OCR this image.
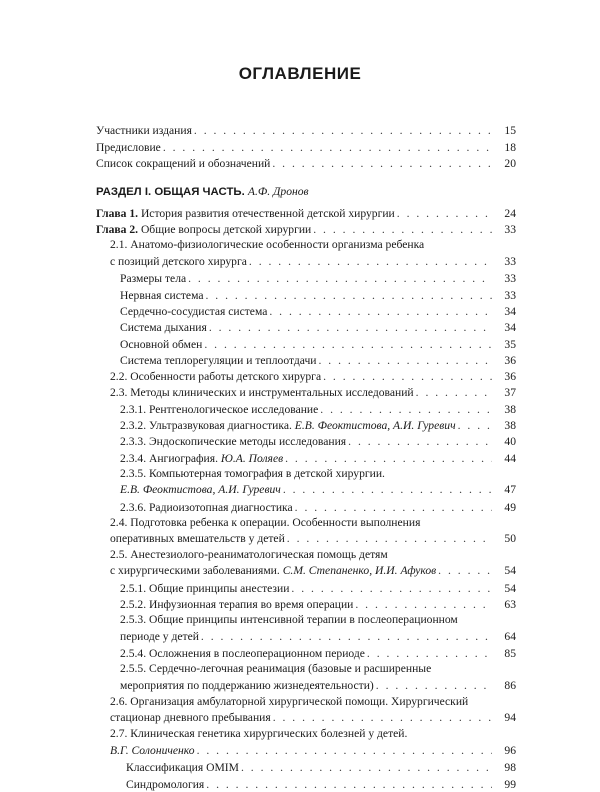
ОГЛАВЛЕНИЕ
Участники издания . . .	15
Предисловие . . .	18
Список сокращений и обозначений . . .	20
РАЗДЕЛ I. ОБЩАЯ ЧАСТЬ.
А.Ф. Дронов
Глава 1. История развития отечественной детской хирургии . . .	24
Глава 2. Общие вопросы детской хирургии . . .	33
2.1. Анатомо-физиологические особенности организма ребенка
с позиций детского хирурга . . .	33
Размеры тела . . .	33
Нервная система . . .	33
Сердечно-сосудистая система . . .	34
Система дыхания . . .	34
Основной обмен . . .	35
Система теплорегуляции и теплоотдачи . . .	36
2.2. Особенности работы детского хирурга . . .	36
2.3. Методы клинических и инструментальных исследований . . .	37
2.3.1. Рентгенологическое исследование . . .	38
2.3.2. Ультразвуковая диагностика. Е.В. Феоктистова, А.И. Гуревич . . .	38
2.3.3. Эндоскопические методы исследования . . .	40
2.3.4. Ангиография. Ю.А. Поляев . . .	44
2.3.5. Компьютерная томография в детской хирургии.
Е.В. Феоктистова, А.И. Гуревич . . .	47
2.3.6. Радиоизотопная диагностика . . .	49
2.4. Подготовка ребенка к операции. Особенности выполнения
оперативных вмешательств у детей . . .	50
2.5. Анестезиолого-реаниматологическая помощь детям
с хирургическими заболеваниями. С.М. Степаненко, И.И. Афуков . . .	54
2.5.1. Общие принципы анестезии . . .	54
2.5.2. Инфузионная терапия во время операции . . .	63
2.5.3. Общие принципы интенсивной терапии в послеоперационном
периоде у детей . . .	64
2.5.4. Осложнения в послеоперационном периоде . . .	85
2.5.5. Сердечно-легочная реанимация (базовые и расширенные
мероприятия по поддержанию жизнедеятельности) . . .	86
2.6. Организация амбулаторной хирургической помощи. Хирургический
стационар дневного пребывания . . .	94
2.7. Клиническая генетика хирургических болезней у детей.
В.Г. Солониченко . . .	96
Классификация OMIM . . .	98
Синдромология . . .	99
